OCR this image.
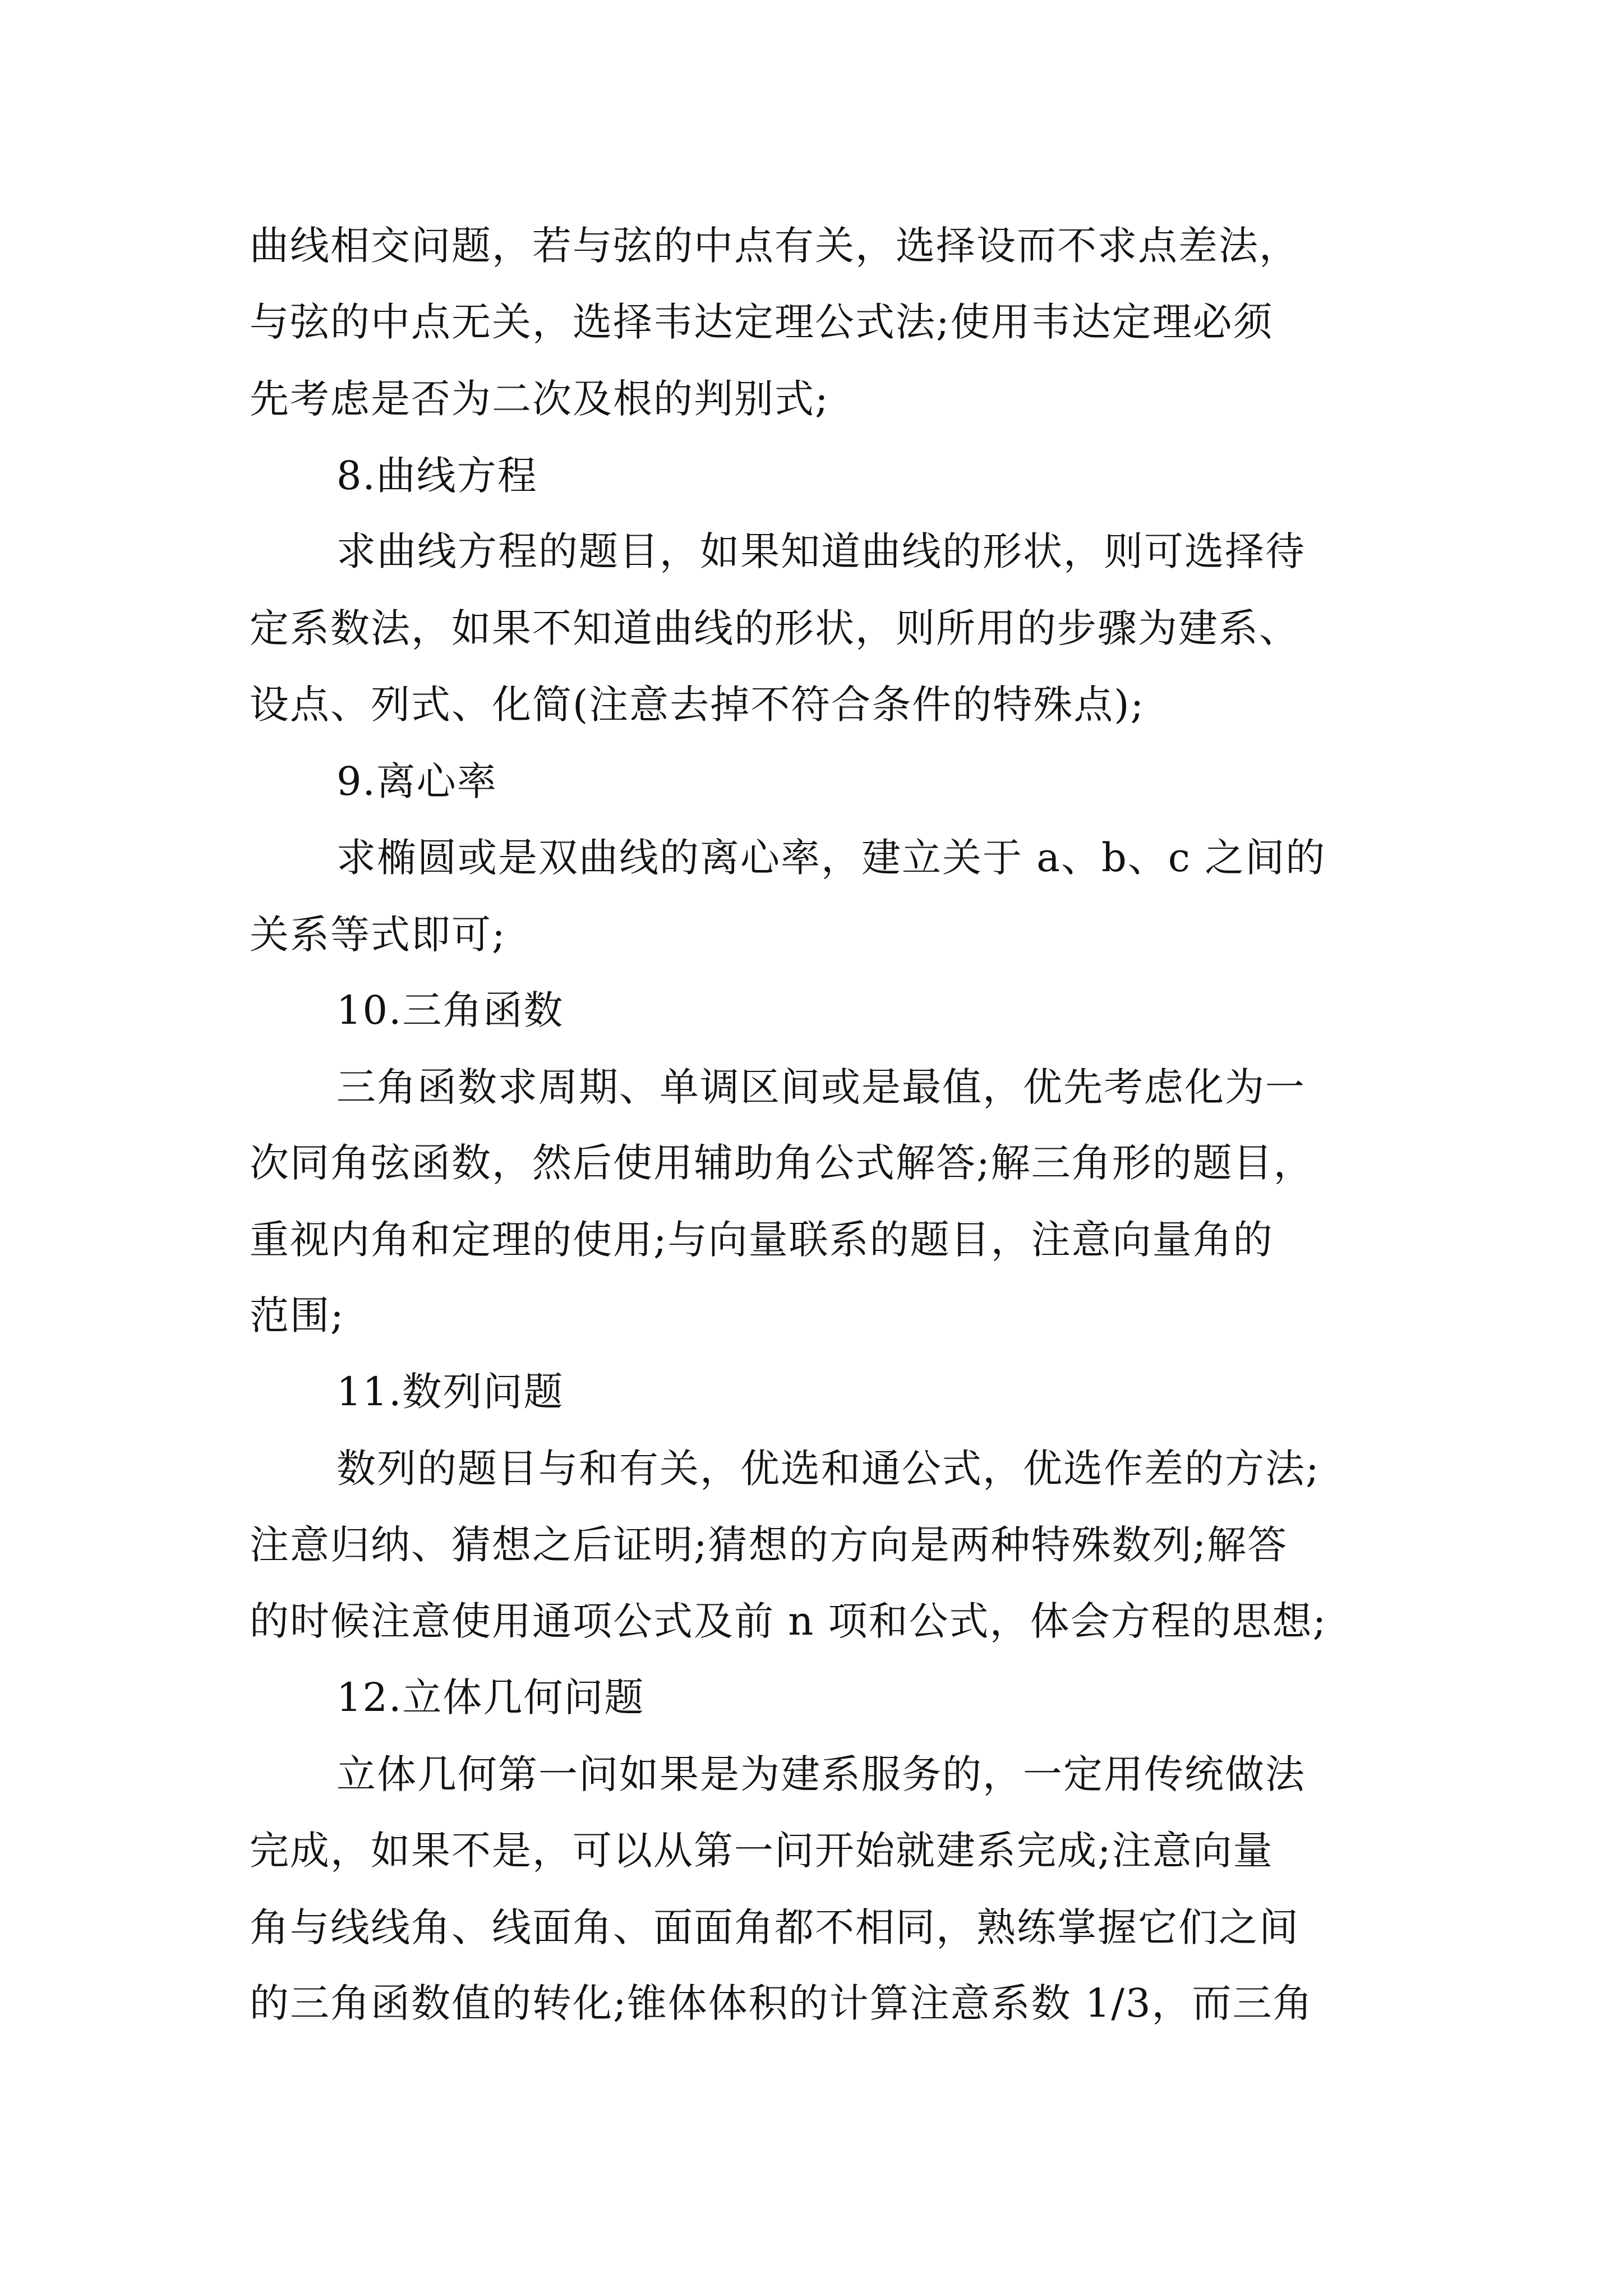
曲线相交问题，若与弦的中点有关，选择设而不求点差法，
与弦的中点无关，选择韦达定理公式法;使用韦达定理必须
先考虑是否为二次及根的判别式;
8.曲线方程
求曲线方程的题目，如果知道曲线的形状，则可选择待
定系数法，如果不知道曲线的形状，则所用的步骤为建系、
设点、列式、化简(注意去掉不符合条件的特殊点);
9.离心率
求椭圆或是双曲线的离心率，建立关于 a、b、c 之间的
关系等式即可;
10.三角函数
三角函数求周期、单调区间或是最值，优先考虑化为一
次同角弦函数，然后使用辅助角公式解答;解三角形的题目，
重视内角和定理的使用;与向量联系的题目，注意向量角的
范围;
11.数列问题
数列的题目与和有关，优选和通公式，优选作差的方法;
注意归纳、猜想之后证明;猜想的方向是两种特殊数列;解答
的时候注意使用通项公式及前 n 项和公式，体会方程的思想;
12.立体几何问题
立体几何第一问如果是为建系服务的，一定用传统做法
完成，如果不是，可以从第一问开始就建系完成;注意向量
角与线线角、线面角、面面角都不相同，熟练掌握它们之间
的三角函数值的转化;锥体体积的计算注意系数 1/3，而三角
